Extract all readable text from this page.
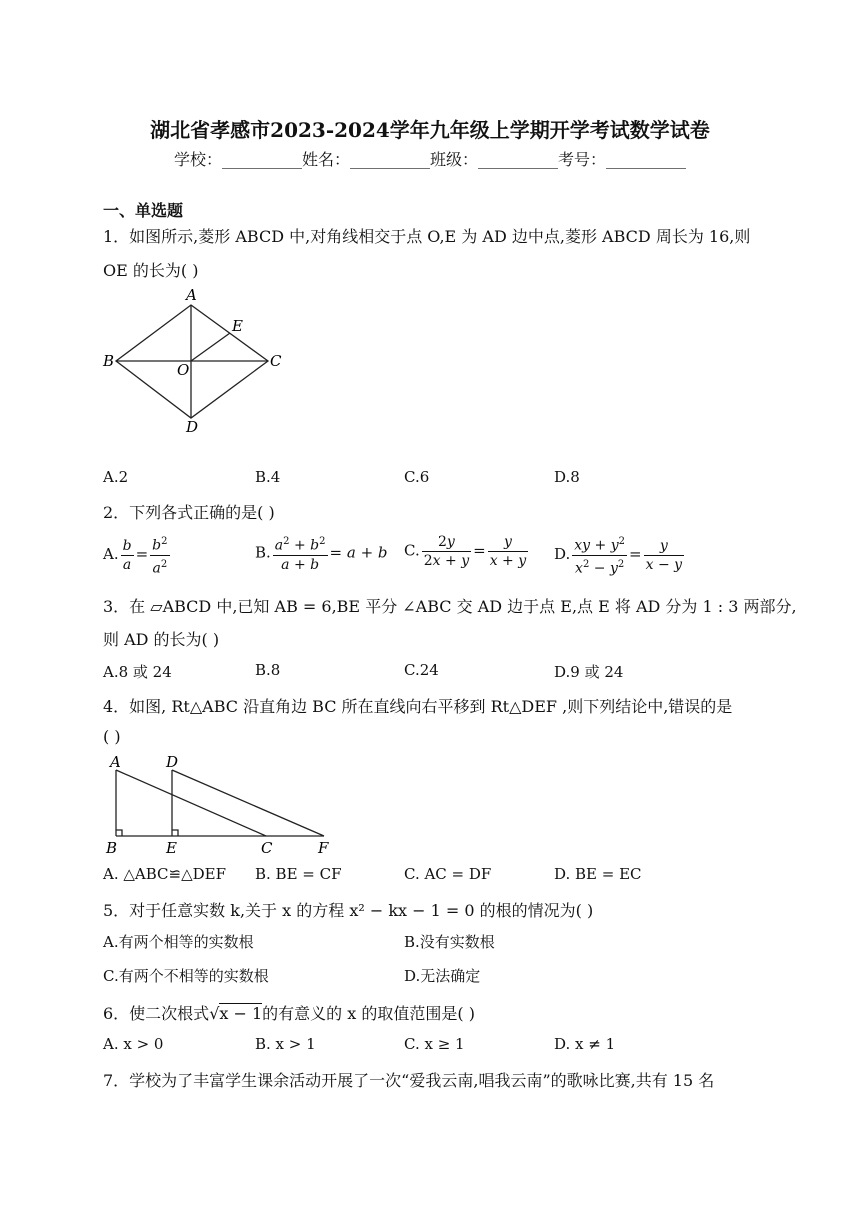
湖北省孝感市2023-2024学年九年级上学期开学考试数学试卷
学校：__________姓名：__________班级：__________考号：__________
一、单选题
1．如图所示,菱形 ABCD 中,对角线相交于点 O,E 为 AD 边中点,菱形 ABCD 周长为 16,则
OE 的长为( )
A
B	C
D
O
E
A.2	B.4	C.6	D.8
2．下列各式正确的是( )
A. $\frac{b}{a} = \frac{b^2}{a^2}$	B. $\frac{a^2 + b^2}{a + b} = a + b$ C. $\frac{2y}{2x + y} = \frac{y}{x + y} D$. $\frac{xy + y^2}{x^2 - y^2} = \frac{y}{x - y}$
3．在 ▱ABCD 中,已知 AB = 6,BE 平分 ∠ABC 交 AD 边于点 E,点 E 将 AD 分为 1 : 3 两部分,
则 AD 的长为( )
A.8 或 24	B.8	C.24	D.9 或 24
4．如图, Rt△ABC 沿直角边 BC 所在直线向右平移到 Rt△DEF ,则下列结论中,错误的是
( )
A	D
B	E	C	F
A. △ABC≌△DEF B. BE = CF	C. AC = DF	D. BE = EC
5．对于任意实数 k,关于 x 的方程 x² − kx − 1 = 0 的根的情况为( )
A.有两个相等的实数根	B.没有实数根
C.有两个不相等的实数根	D.无法确定
6．使二次根式√x − 1的有意义的 x 的取值范围是( )
A. x > 0	B. x > 1	C. x ≥ 1	D. x ≠ 1
7．学校为了丰富学生课余活动开展了一次“爱我云南,唱我云南”的歌咏比赛,共有 15 名
